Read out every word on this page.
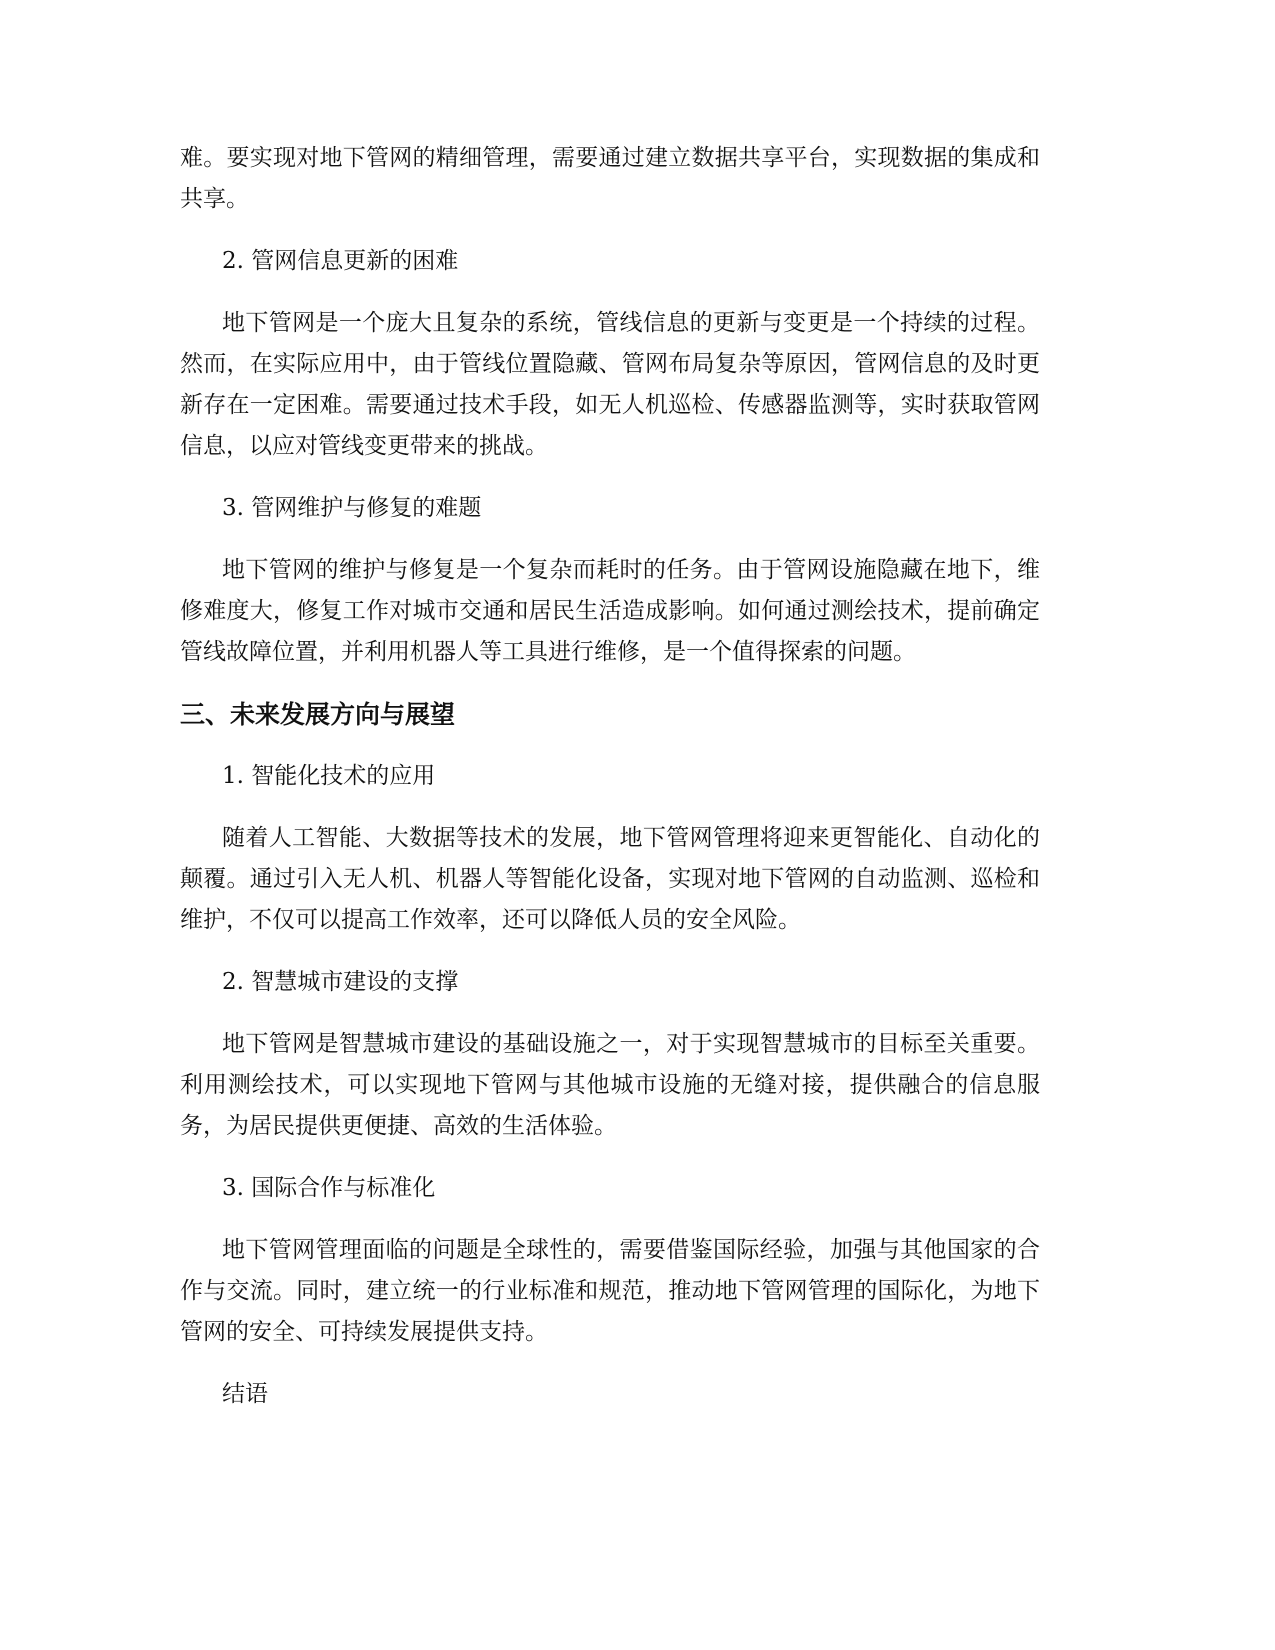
难。要实现对地下管网的精细管理，需要通过建立数据共享平台，实现数据的集成和共享。

2. 管网信息更新的困难

地下管网是一个庞大且复杂的系统，管线信息的更新与变更是一个持续的过程。然而，在实际应用中，由于管线位置隐藏、管网布局复杂等原因，管网信息的及时更新存在一定困难。需要通过技术手段，如无人机巡检、传感器监测等，实时获取管网信息，以应对管线变更带来的挑战。

3. 管网维护与修复的难题

地下管网的维护与修复是一个复杂而耗时的任务。由于管网设施隐藏在地下，维修难度大，修复工作对城市交通和居民生活造成影响。如何通过测绘技术，提前确定管线故障位置，并利用机器人等工具进行维修，是一个值得探索的问题。

三、未来发展方向与展望

1. 智能化技术的应用

随着人工智能、大数据等技术的发展，地下管网管理将迎来更智能化、自动化的颠覆。通过引入无人机、机器人等智能化设备，实现对地下管网的自动监测、巡检和维护，不仅可以提高工作效率，还可以降低人员的安全风险。

2. 智慧城市建设的支撑

地下管网是智慧城市建设的基础设施之一，对于实现智慧城市的目标至关重要。利用测绘技术，可以实现地下管网与其他城市设施的无缝对接，提供融合的信息服务，为居民提供更便捷、高效的生活体验。

3. 国际合作与标准化

地下管网管理面临的问题是全球性的，需要借鉴国际经验，加强与其他国家的合作与交流。同时，建立统一的行业标准和规范，推动地下管网管理的国际化，为地下管网的安全、可持续发展提供支持。

结语
